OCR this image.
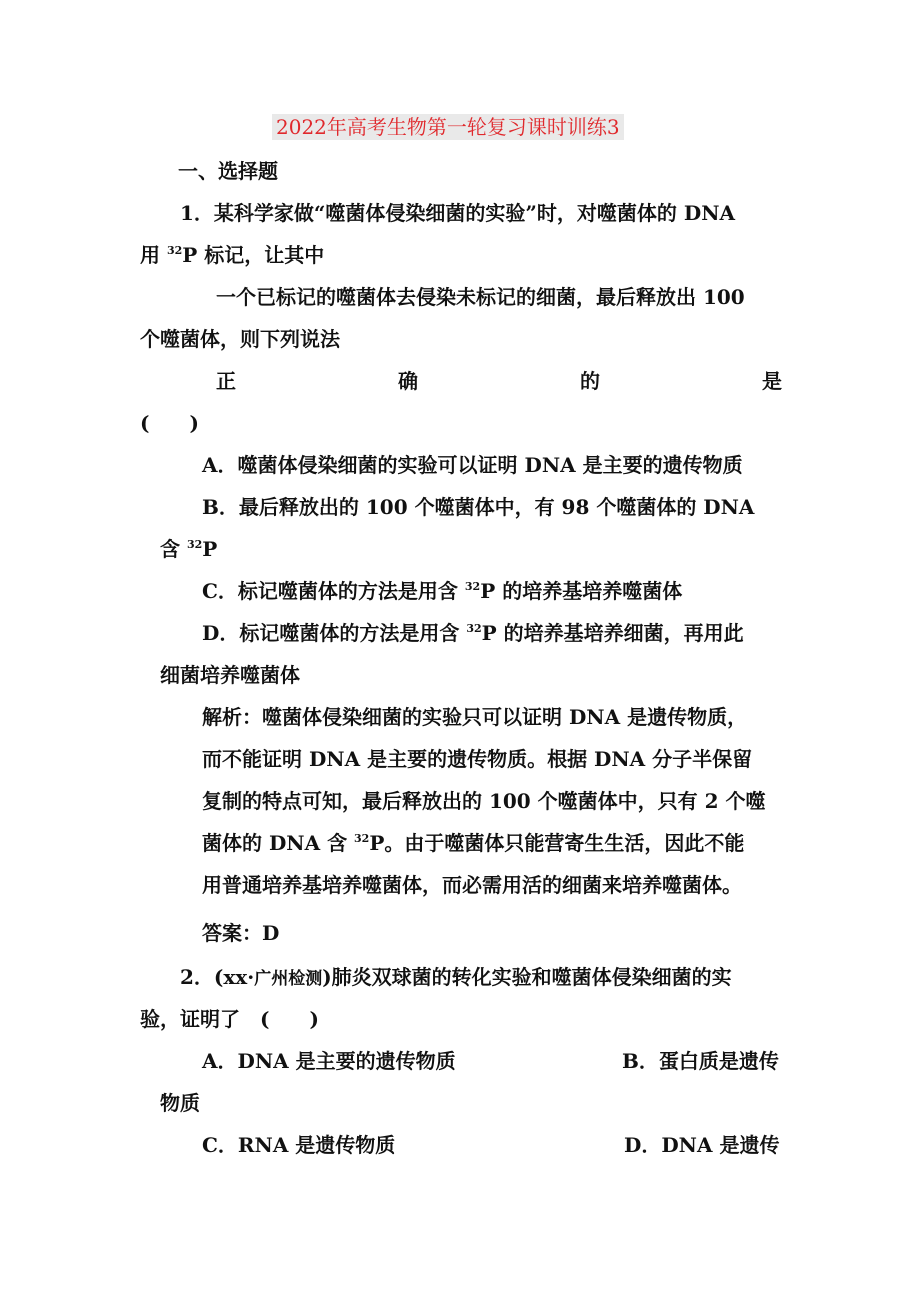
2022年高考生物第一轮复习课时训练3
一、选择题
1．某科学家做“噬菌体侵染细菌的实验”时，对噬菌体的 DNA
用 $^{32}$P 标记，让其中
一个已标记的噬菌体去侵染未标记的细菌，最后释放出 100
个噬菌体，则下列说法
正	确	的	是
(　　)
A．噬菌体侵染细菌的实验可以证明 DNA 是主要的遗传物质
B．最后释放出的 100 个噬菌体中，有 98 个噬菌体的 DNA
含 $^{32}$P
C．标记噬菌体的方法是用含 $^{32}$P 的培养基培养噬菌体
D．标记噬菌体的方法是用含 $^{32}$P 的培养基培养细菌，再用此
细菌培养噬菌体
解析：噬菌体侵染细菌的实验只可以证明 DNA 是遗传物质，
而不能证明 DNA 是主要的遗传物质。根据 DNA 分子半保留
复制的特点可知，最后释放出的 100 个噬菌体中，只有 2 个噬
菌体的 DNA 含 $^{32}$P。由于噬菌体只能营寄生生活，因此不能
用普通培养基培养噬菌体，而必需用活的细菌来培养噬菌体。
答案：D
2．(xx·广州检测)肺炎双球菌的转化实验和噬菌体侵染细菌的实
验，证明了　(　　)
A．DNA 是主要的遗传物质	B．蛋白质是遗传
物质
C．RNA 是遗传物质	D．DNA 是遗传
